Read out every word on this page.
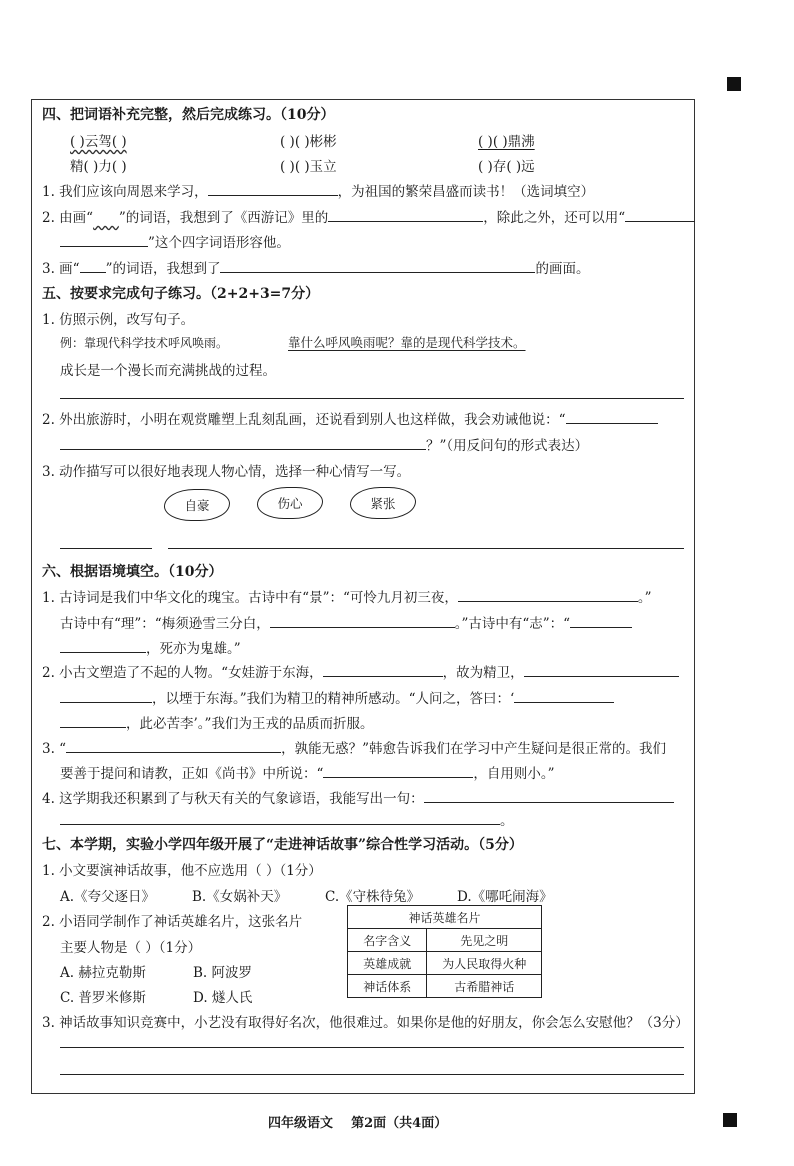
四、把词语补充完整，然后完成练习。（10分）
( )云驾( )	( )( )彬彬	( )( )鼎沸
精( )力( )	( )( )玉立	( )存( )远
1. 我们应该向周恩来学习，	，为祖国的繁荣昌盛而读书！（选词填空）
2. 由画“ ”的词语，我想到了《西游记》里的	，除此之外，还可以用“
”这个四字词语形容他。
3. 画“ ”的词语，我想到了	的画面。
五、按要求完成句子练习。（2+2+3=7分）
1. 仿照示例，改写句子。
例：靠现代科学技术呼风唤雨。	靠什么呼风唤雨呢？靠的是现代科学技术。
成长是一个漫长而充满挑战的过程。
2. 外出旅游时，小明在观赏雕塑上乱刻乱画，还说看到别人也这样做，我会劝诫他说：“
？”（用反问句的形式表达）
3. 动作描写可以很好地表现人物心情，选择一种心情写一写。
自豪	伤心	紧张
六、根据语境填空。（10分）
1. 古诗词是我们中华文化的瑰宝。古诗中有“景”：“可怜九月初三夜，	。”
古诗中有“理”：“梅须逊雪三分白，	。”古诗中有“志”：“
，死亦为鬼雄。”
2. 小古文塑造了不起的人物。“女娃游于东海，	，故为精卫，
，以堙于东海。”我们为精卫的精神所感动。“人问之，答曰：‘
，此必苦李’。”我们为王戎的品质而折服。
3. “	，孰能无惑？”韩愈告诉我们在学习中产生疑问是很正常的。我们
要善于提问和请教，正如《尚书》中所说：“	，自用则小。”
4. 这学期我还积累到了与秋天有关的气象谚语，我能写出一句：
。
七、本学期，实验小学四年级开展了“走进神话故事”综合性学习活动。（5分）
1. 小文要演神话故事，他不应选用（ ）（1分）
A.《夸父逐日》	B.《女娲补天》	C.《守株待兔》	D.《哪吒闹海》
2. 小语同学制作了神话英雄名片，这张名片
主要人物是（ ）（1分）
A. 赫拉克勒斯	B. 阿波罗
C. 普罗米修斯	D. 燧人氏
神话英雄名片	
名字含义	先见之明
英雄成就	为人民取得火种
神话体系	古希腊神话
3. 神话故事知识竞赛中，小艺没有取得好名次，他很难过。如果你是他的好朋友，你会怎么安慰他？（3分）
四年级语文    第2面（共4面）
